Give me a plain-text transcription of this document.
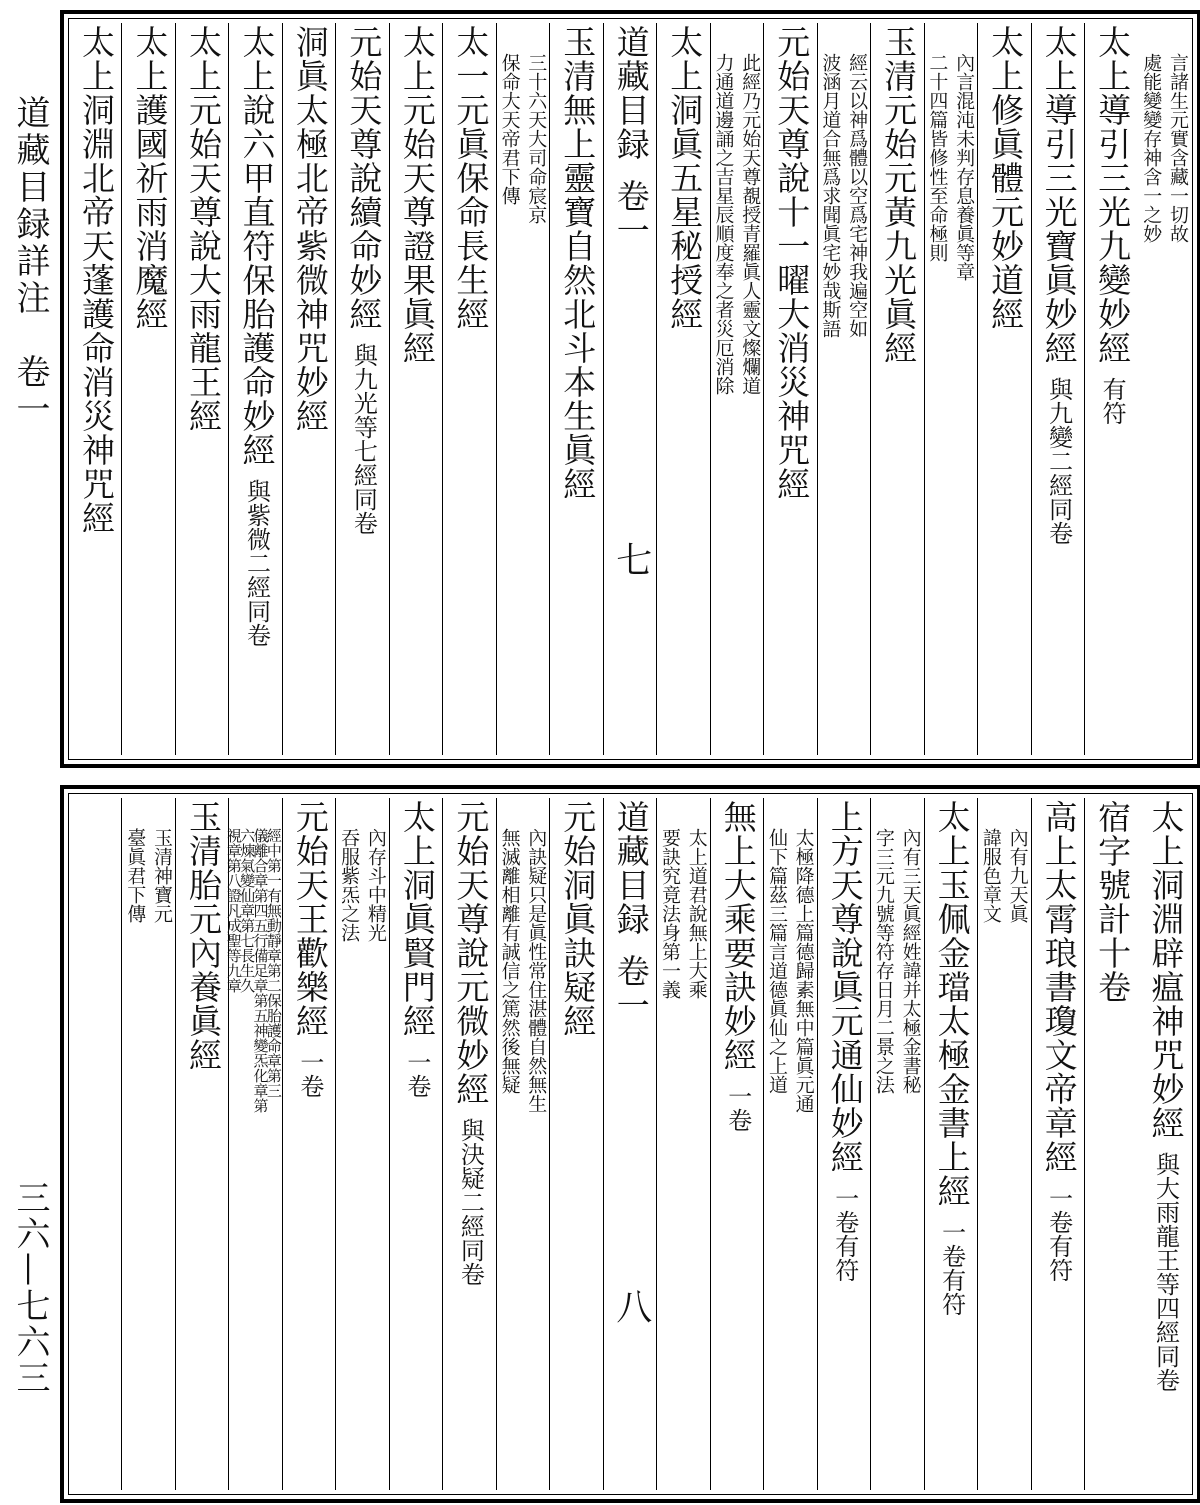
道藏目録詳注　卷一
三六—七六三
言諸生元實含藏一切故
處能變變存神含一之妙
太上導引三光九變妙經
有符
太上導引三光寶眞妙經
與九變二經同卷
太上修眞體元妙道經
內言混沌未判存息養眞等章
二十四篇皆修性至命極則
玉清元始元黃九光眞經
經云以神爲體以空爲宅神我遍空如
波涵月道合無爲求聞眞宅妙哉斯語
元始天尊說十一曜大消災神咒經
此經乃元始天尊覩授青羅眞人靈文燦爛道
力通道邊誦之吉星辰順度奉之者災厄消除
太上洞眞五星秘授經
道藏目録卷一
七
玉清無上靈寶自然北斗本生眞經
三十六天大司命宸京
保命大天帝君下傳
太一元眞保命長生經
太上元始天尊證果眞經
元始天尊說續命妙經
與九光等七經同卷
洞眞太極北帝紫微神咒妙經
太上說六甲直符保胎護命妙經
與紫微二經同卷
太上元始天尊說大雨龍王經
太上護國祈雨消魔經
太上洞淵北帝天蓬護命消災神咒經
太上洞淵辟瘟神咒妙經
與大雨龍王等四經同卷
宿字號計十卷
高上太霄琅書瓊文帝章經
一卷有符
內有九天眞
諱服色章文
太上玉佩金璫太極金書上經
一卷有符
內有三天眞經姓諱并太極金書秘
字三元九號等符存日月二景之法
上方天尊說眞元通仙妙經
一卷有符
太極降德上篇德歸素無中篇眞元通
仙下篇茲三篇言道德眞仙之上道
無上大乘要訣妙經
一卷
太上道君說無上大乘
要訣究竟法身第一義
道藏目録卷一
八
元始洞眞訣疑經
內訣疑只是眞性常住湛體自然無生
無滅離相離有誠信之篤然後無疑
元始天尊說元微妙經
與決疑二經同卷
太上洞眞賢門經
一卷
內存斗中精光
吞服紫炁之法
元始天王歡樂經
一卷
經中第一有無動靜章第二保胎護命章第三
儀離合章第四五行備足章第五神變炁化章第
六煉氣變仙章第七長生久
視章第八證凡成聖等九章
玉清胎元內養眞經
玉清神寶元
臺眞君下傳
